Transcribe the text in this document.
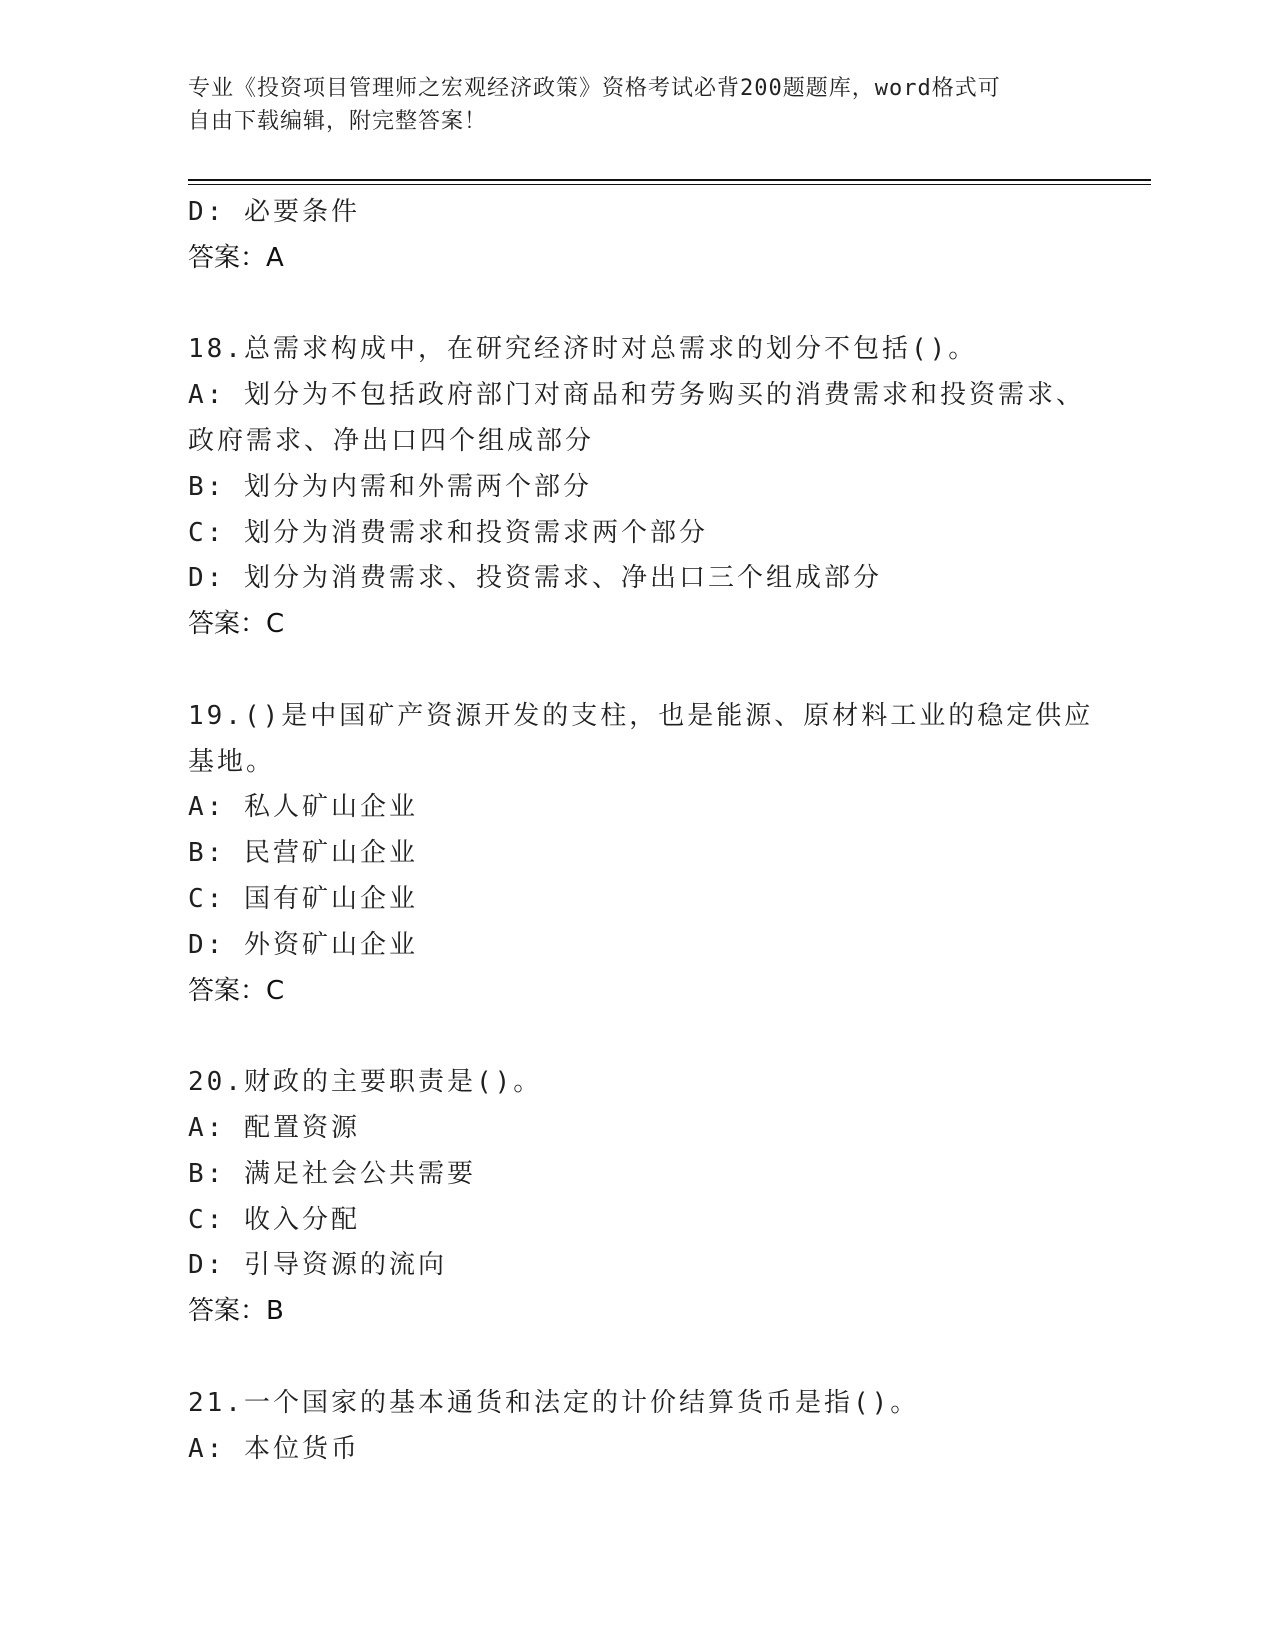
专业《投资项目管理师之宏观经济政策》资格考试必背200题题库，word格式可
自由下载编辑，附完整答案！
D: 必要条件
答案：A
18.总需求构成中，在研究经济时对总需求的划分不包括()。
A: 划分为不包括政府部门对商品和劳务购买的消费需求和投资需求、
政府需求、净出口四个组成部分
B: 划分为内需和外需两个部分
C: 划分为消费需求和投资需求两个部分
D: 划分为消费需求、投资需求、净出口三个组成部分
答案：C
19.()是中国矿产资源开发的支柱，也是能源、原材料工业的稳定供应
基地。
A: 私人矿山企业
B: 民营矿山企业
C: 国有矿山企业
D: 外资矿山企业
答案：C
20.财政的主要职责是()。
A: 配置资源
B: 满足社会公共需要
C: 收入分配
D: 引导资源的流向
答案：B
21.一个国家的基本通货和法定的计价结算货币是指()。
A: 本位货币
